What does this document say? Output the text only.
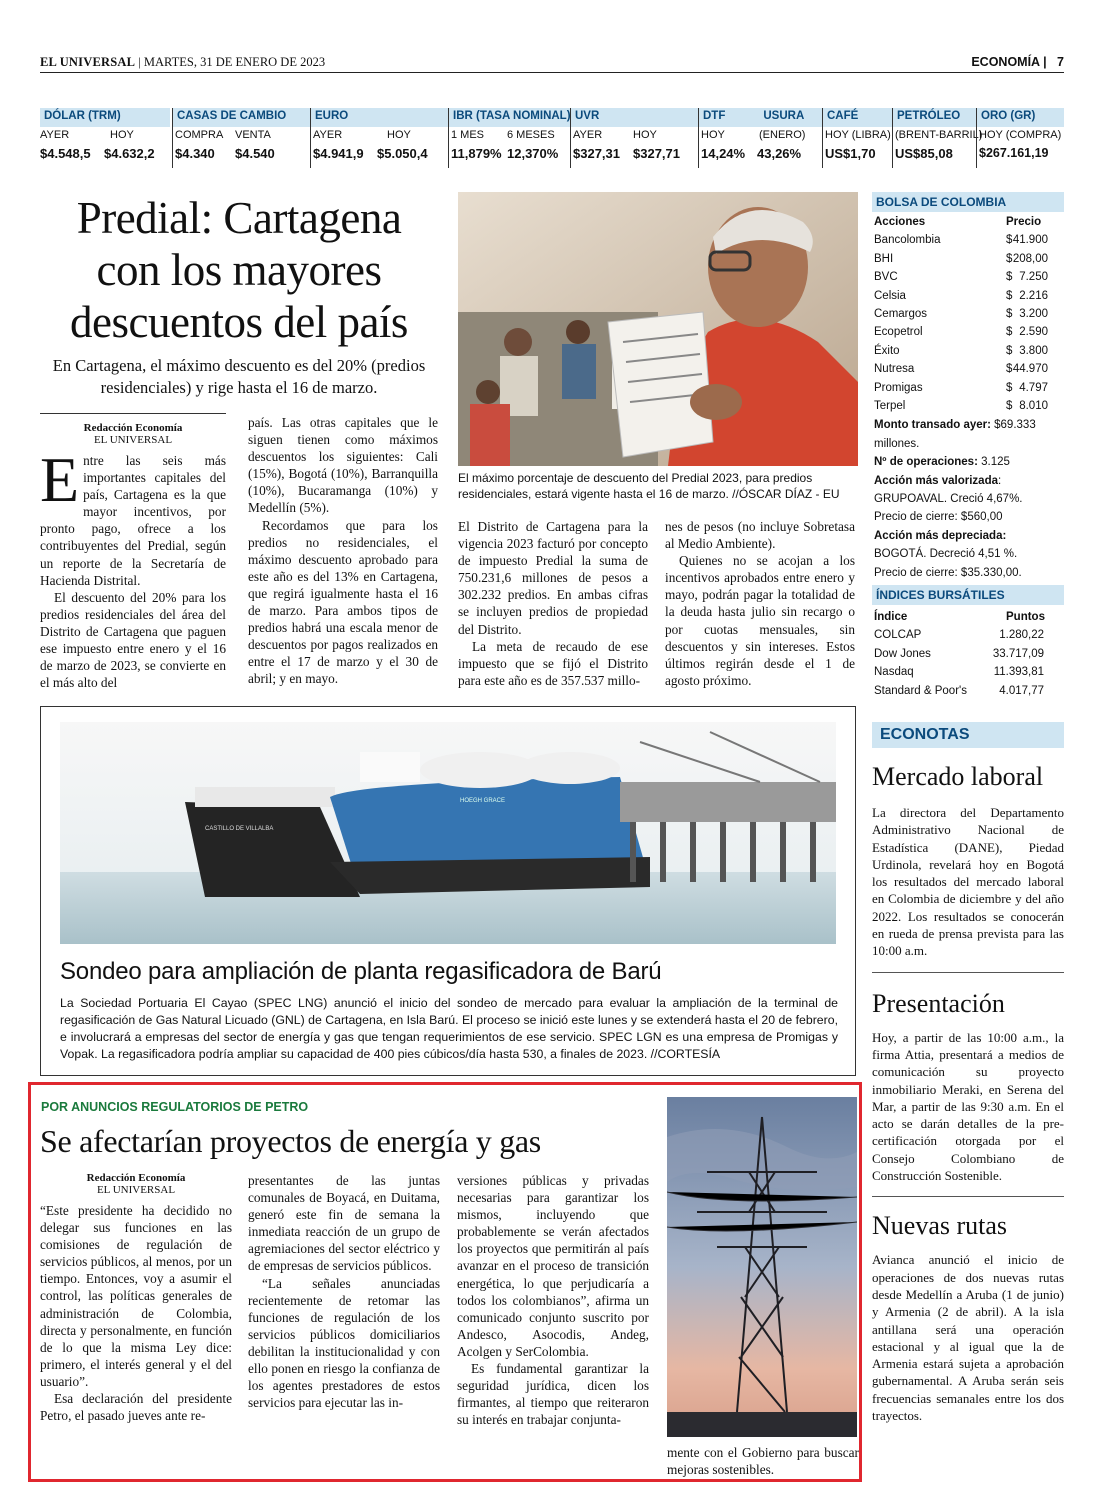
EL UNIVERSAL | MARTES, 31 DE ENERO DE 2023	ECONOMÍA |   7
DÓLAR (TRM)
AYER	HOY
$4.548,5 $4.632,2
CASAS DE CAMBIO
COMPRA VENTA
$4.340 $4.540
EURO
AYER	HOY
$4.941,9 $5.050,4
IBR (TASA NOMINAL)
1 MES 6 MESES
11,879% 12,370%
UVR
AYER	HOY
$327,31 $327,71
DTF	USURA
HOY	(ENERO)
14,24% 43,26%
CAFÉ
HOY (LIBRA)
US$1,70
PETRÓLEO
(BRENT-BARRIL)
US$85,08
ORO (GR)
HOY (COMPRA)
$267.161,19
Predial: Cartagena con los mayores descuentos del país

En Cartagena, el máximo descuento es del 20% (predios residenciales) y rige hasta el 16 de marzo.

Redacción Economía
EL UNIVERSAL

Entre las seis más importantes capitales del país, Cartagena es la que mayor incentivos, por pronto pago, ofrece a los contribuyentes del Predial, según un reporte de la Secretaría de Hacienda Distrital.

El descuento del 20% para los predios residenciales del área del Distrito de Cartagena que paguen ese impuesto entre enero y el 16 de marzo de 2023, se convierte en el más alto del

país. Las otras capitales que le siguen tienen como máximos descuentos los siguientes: Cali (15%), Bogotá (10%), Barranquilla (10%), Bucaramanga (10%) y Medellín (5%).

Recordamos que para los predios no residenciales, el máximo descuento aprobado para este año es del 13% en Cartagena, que regirá igualmente hasta el 16 de marzo. Para ambos tipos de predios habrá una escala menor de descuentos por pagos realizados en entre el 17 de marzo y el 30 de abril; y en mayo.

El máximo porcentaje de descuento del Predial 2023, para predios residenciales, estará vigente hasta el 16 de marzo. //ÓSCAR DÍAZ - EU

El Distrito de Cartagena para la vigencia 2023 facturó por concepto de impuesto Predial la suma de 750.231,6 millones de pesos a 302.232 predios. En ambas cifras se incluyen predios de propiedad del Distrito.

La meta de recaudo de ese impuesto que se fijó el Distrito para este año es de 357.537 millo-

nes de pesos (no incluye Sobretasa al Medio Ambiente).

Quienes no se acojan a los incentivos aprobados entre enero y mayo, podrán pagar la totalidad de la deuda hasta julio sin recargo o por cuotas mensuales, sin descuentos y sin intereses. Estos últimos regirán desde el 1 de agosto próximo.

CASTILLO DE VILLALBA
HOEGH GRACE
Sondeo para ampliación de planta regasificadora de Barú

La Sociedad Portuaria El Cayao (SPEC LNG) anunció el inicio del sondeo de mercado para evaluar la ampliación de la terminal de regasificación de Gas Natural Licuado (GNL) de Cartagena, en Isla Barú. El proceso se inició este lunes y se extenderá hasta el 20 de febrero, e involucrará a empresas del sector de energía y gas que tengan requerimientos de ese servicio. SPEC LGN es una empresa de Promigas y Vopak. La regasificadora podría ampliar su capacidad de 400 pies cúbicos/día hasta 530, a finales de 2023. //CORTESÍA

POR ANUNCIOS REGULATORIOS DE PETRO
Se afectarían proyectos de energía y gas
Redacción Economía
EL UNIVERSAL

“Este presidente ha decidido no delegar sus funciones en las comisiones de regulación de servicios públicos, al menos, por un tiempo. Entonces, voy a asumir el control, las políticas generales de administración de Colombia, directa y personalmente, en función de lo que la misma Ley dice: primero, el interés general y el del usuario”.

Esa declaración del presidente Petro, el pasado jueves ante re-

presentantes de las juntas comunales de Boyacá, en Duitama, generó este fin de semana la inmediata reacción de un grupo de agremiaciones del sector eléctrico y de empresas de servicios públicos.

“La señales anunciadas recientemente de retomar las funciones de regulación de los servicios públicos domiciliarios debilitan la institucionalidad y con ello ponen en riesgo la confianza de los agentes prestadores de estos servicios para ejecutar las in-

versiones públicas y privadas necesarias para garantizar los mismos, incluyendo que probablemente se verán afectados los proyectos que permitirán al país avanzar en el proceso de transición energética, lo que perjudicaría a todos los colombianos”, afirma un comunicado conjunto suscrito por Andesco, Asocodis, Andeg, Acolgen y SerColombia.

Es fundamental garantizar la seguridad jurídica, dicen los firmantes, al tiempo que reiteraron su interés en trabajar conjunta-

mente con el Gobierno para buscar mejoras sostenibles.

BOLSA DE COLOMBIA
Acciones	Precio
Bancolombia	$ 41.900
BHI	$ 208,00
BVC	$ 7.250
Celsia	$ 2.216
Cemargos	$ 3.200
Ecopetrol	$ 2.590
Éxito	$ 3.800
Nutresa	$ 44.970
Promigas	$ 4.797
Terpel	$ 8.010
Monto transado ayer: $69.333 millones.
Nº de operaciones: 3.125
Acción más valorizada:
GRUPOAVAL. Creció 4,67%.
Precio de cierre: $560,00
Acción más depreciada:
BOGOTÁ. Decreció 4,51 %.
Precio de cierre: $35.330,00.
ÍNDICES BURSÁTILES
Índice	Puntos
COLCAP	1.280,22
Dow Jones	33.717,09
Nasdaq	11.393,81
Standard & Poor's	4.017,77
ECONOTAS
Mercado laboral

La directora del Departamento Administrativo Nacional de Estadística (DANE), Piedad Urdinola, revelará hoy en Bogotá los resultados del mercado laboral en Colombia de diciembre y del año 2022. Los resultados se conocerán en rueda de prensa prevista para las 10:00 a.m.

Presentación

Hoy, a partir de las 10:00 a.m., la firma Attia, presentará a medios de comunicación su proyecto inmobiliario Meraki, en Serena del Mar, a partir de las 9:30 a.m. En el acto se darán detalles de la pre-certificación otorgada por el Consejo Colombiano de Construcción Sostenible.

Nuevas rutas

Avianca anunció el inicio de operaciones de dos nuevas rutas desde Medellín a Aruba (1 de junio) y Armenia (2 de abril). A la isla antillana será una operación estacional y al igual que la de Armenia estará sujeta a aprobación gubernamental. A Aruba serán seis frecuencias semanales entre los dos trayectos.
